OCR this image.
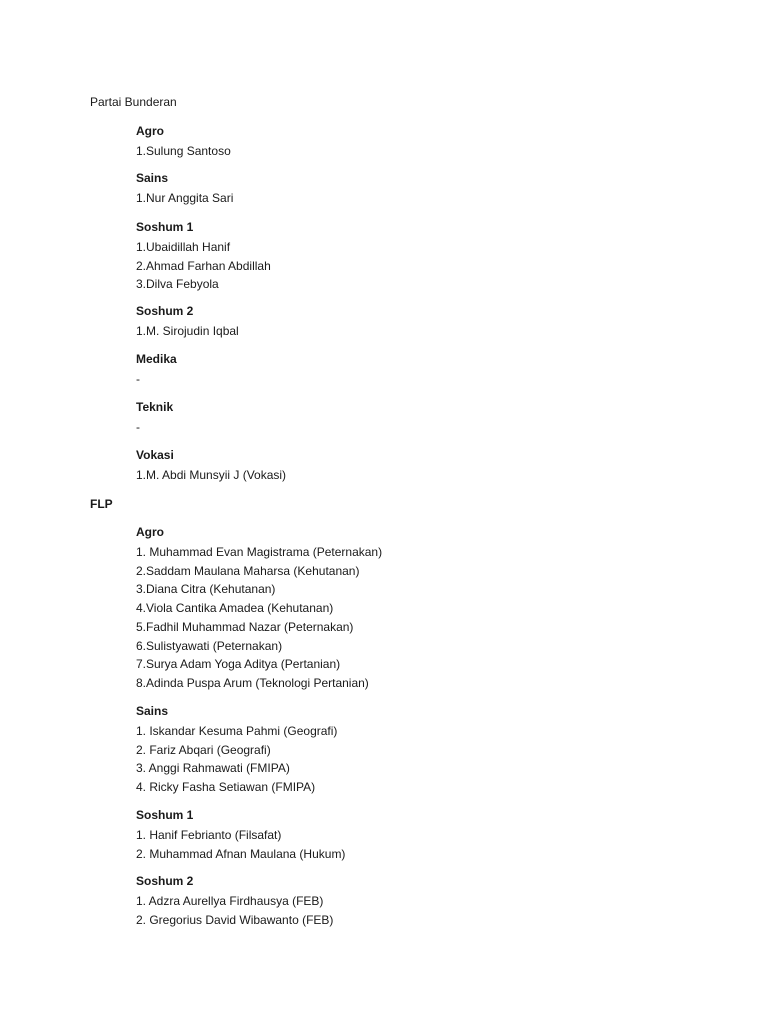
Partai Bunderan

Agro

1.Sulung Santoso

Sains

1.Nur Anggita Sari

Soshum 1

1.Ubaidillah Hanif
2.Ahmad Farhan Abdillah
3.Dilva Febyola

Soshum 2

1.M. Sirojudin Iqbal

Medika

-

Teknik

-

Vokasi

1.M. Abdi Munsyii J (Vokasi)

FLP

Agro

1. Muhammad Evan Magistrama (Peternakan)
2.Saddam Maulana Maharsa (Kehutanan)
3.Diana Citra (Kehutanan)
4.Viola Cantika Amadea (Kehutanan)
5.Fadhil Muhammad Nazar (Peternakan)
6.Sulistyawati (Peternakan)
7.Surya Adam Yoga Aditya (Pertanian)
8.Adinda Puspa Arum (Teknologi Pertanian)

Sains

1. Iskandar Kesuma Pahmi (Geografi)
2. Fariz Abqari (Geografi)
3. Anggi Rahmawati (FMIPA)
4. Ricky Fasha Setiawan (FMIPA)

Soshum 1

1. Hanif Febrianto (Filsafat)
2. Muhammad Afnan Maulana (Hukum)

Soshum 2

1. Adzra Aurellya Firdhausya (FEB)
2. Gregorius David Wibawanto (FEB)
